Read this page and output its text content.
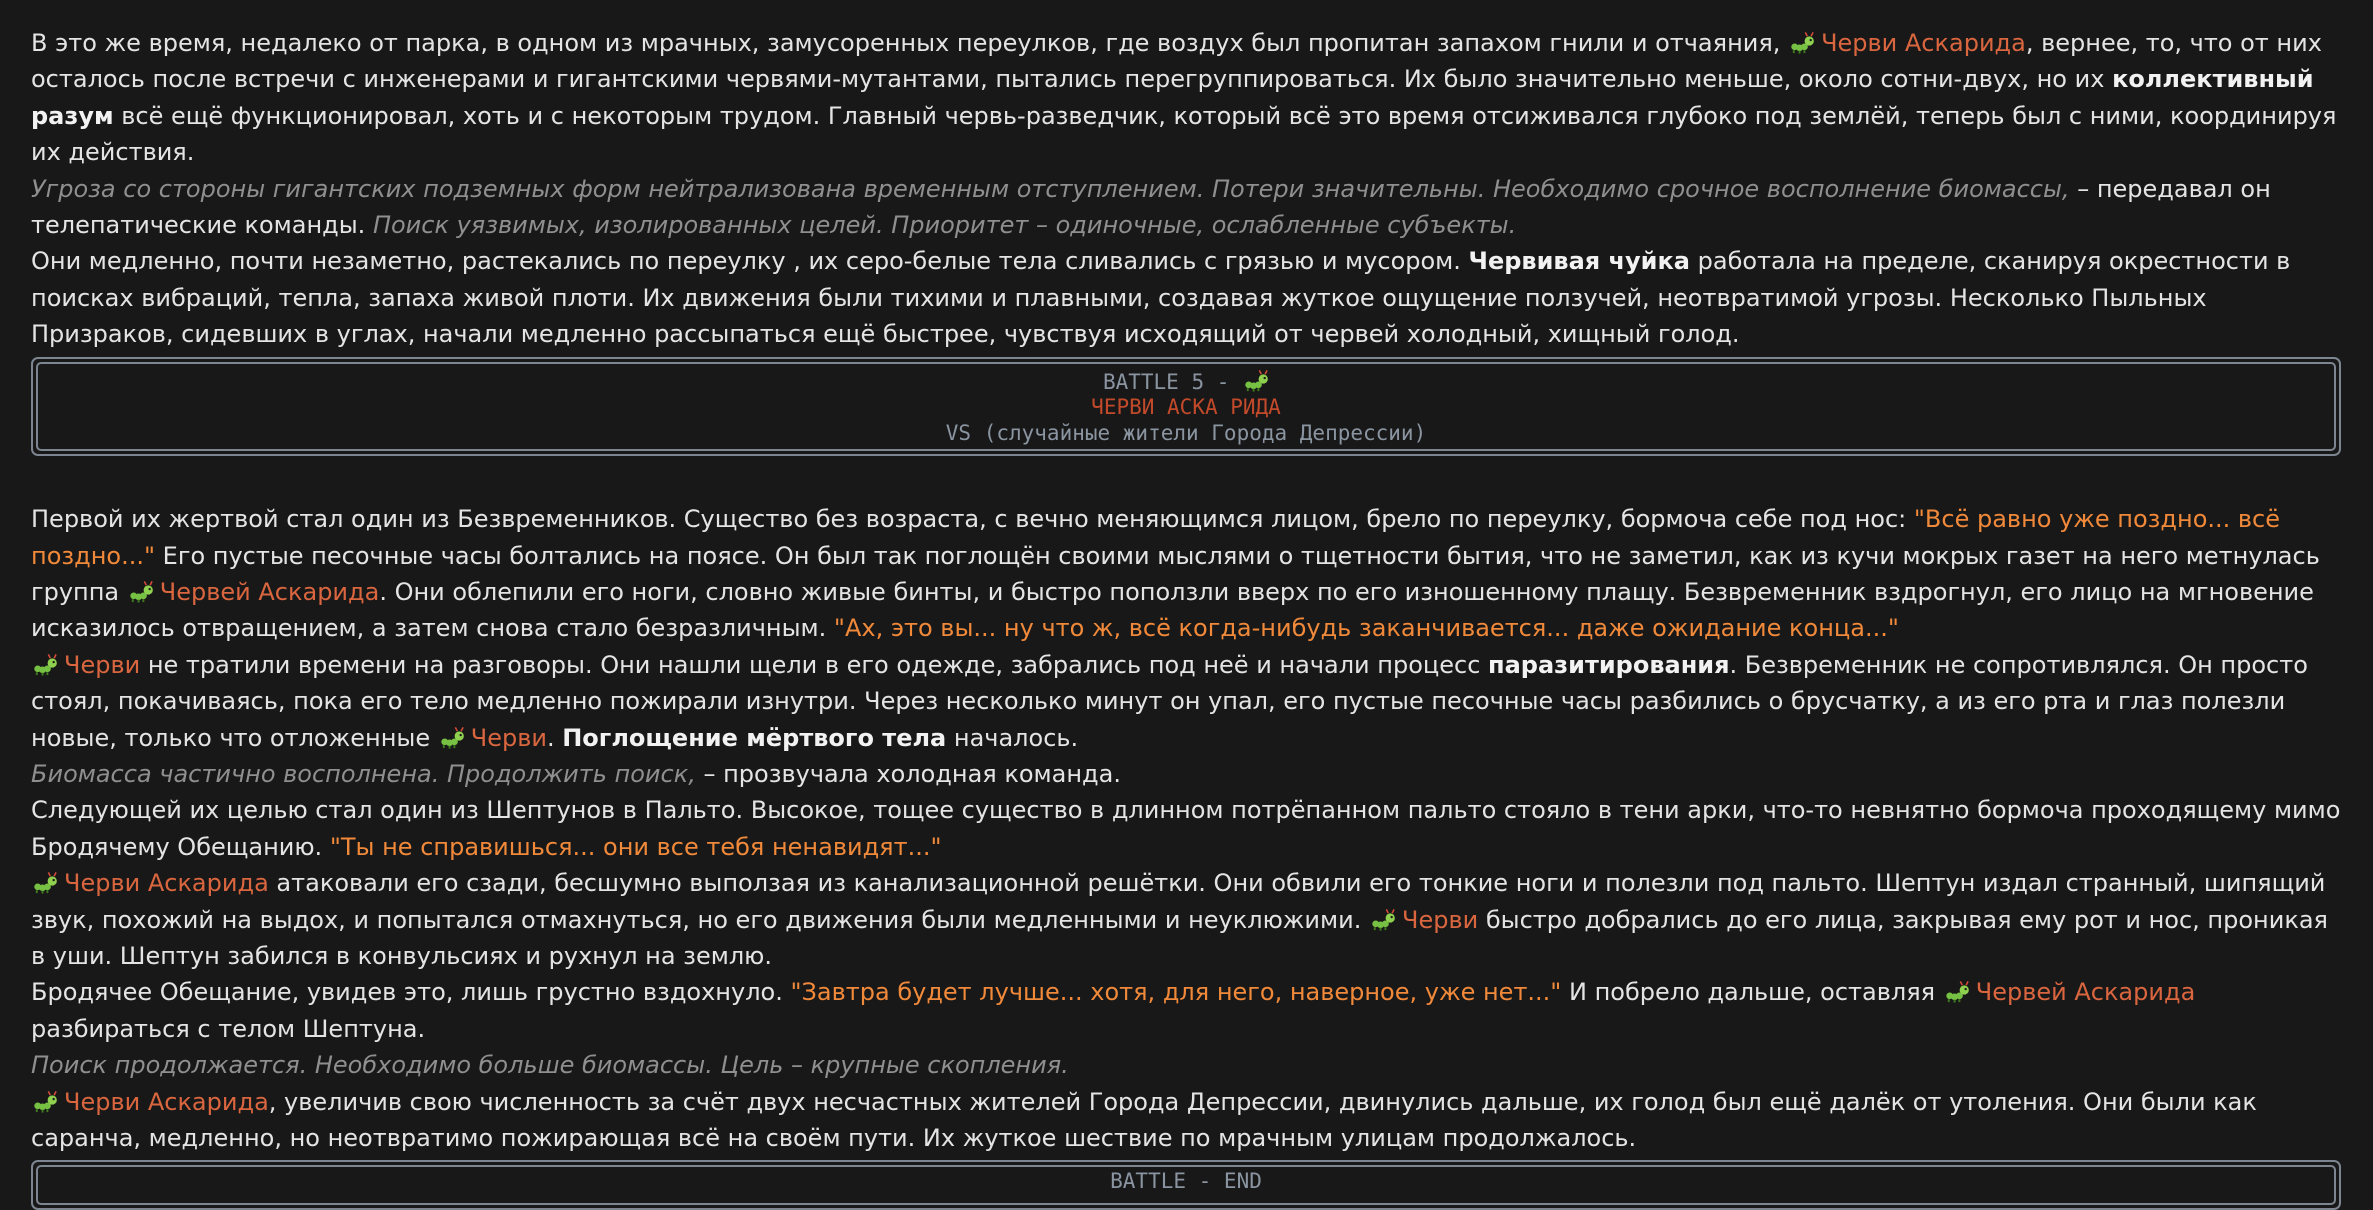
В это же время, недалеко от парка, в одном из мрачных, замусоренных переулков, где воздух был пропитан запахом гнили и отчаяния, Черви Аскарида, вернее, то, что от них осталось после встречи с инженерами и гигантскими червями-мутантами, пытались перегруппироваться. Их было значительно меньше, около сотни-двух, но их коллективный разум всё ещё функционировал, хоть и с некоторым трудом. Главный червь-разведчик, который всё это время отсиживался глубоко под землёй, теперь был с ними, координируя их действия.

Угроза со стороны гигантских подземных форм нейтрализована временным отступлением. Потери значительны. Необходимо срочное восполнение биомассы, – передавал он телепатические команды. Поиск уязвимых, изолированных целей. Приоритет – одиночные, ослабленные субъекты.

Они медленно, почти незаметно, растекались по переулку , их серо-белые тела сливались с грязью и мусором. Червивая чуйка работала на пределе, сканируя окрестности в поисках вибраций, тепла, запаха живой плоти. Их движения были тихими и плавными, создавая жуткое ощущение ползучей, неотвратимой угрозы. Несколько Пыльных Призраков, сидевших в углах, начали медленно рассыпаться ещё быстрее, чувствуя исходящий от червей холодный, хищный голод.

BATTLE 5 -
ЧЕРВИ АСКА РИДА
VS (случайные жители Города Депрессии)

Первой их жертвой стал один из Безвременников. Существо без возраста, с вечно меняющимся лицом, брело по переулку, бормоча себе под нос: "Всё равно уже поздно... всё поздно..." Его пустые песочные часы болтались на поясе. Он был так поглощён своими мыслями о тщетности бытия, что не заметил, как из кучи мокрых газет на него метнулась группа Червей Аскарида. Они облепили его ноги, словно живые бинты, и быстро поползли вверх по его изношенному плащу. Безвременник вздрогнул, его лицо на мгновение исказилось отвращением, а затем снова стало безразличным. "Ах, это вы... ну что ж, всё когда-нибудь заканчивается... даже ожидание конца..."

Черви не тратили времени на разговоры. Они нашли щели в его одежде, забрались под неё и начали процесс паразитирования. Безвременник не сопротивлялся. Он просто стоял, покачиваясь, пока его тело медленно пожирали изнутри. Через несколько минут он упал, его пустые песочные часы разбились о брусчатку, а из его рта и глаз полезли новые, только что отложенные Черви. Поглощение мёртвого тела началось.

Биомасса частично восполнена. Продолжить поиск, – прозвучала холодная команда.

Следующей их целью стал один из Шептунов в Пальто. Высокое, тощее существо в длинном потрёпанном пальто стояло в тени арки, что-то невнятно бормоча проходящему мимо Бродячему Обещанию. "Ты не справишься... они все тебя ненавидят..."

Черви Аскарида атаковали его сзади, бесшумно выползая из канализационной решётки. Они обвили его тонкие ноги и полезли под пальто. Шептун издал странный, шипящий звук, похожий на выдох, и попытался отмахнуться, но его движения были медленными и неуклюжими. Черви быстро добрались до его лица, закрывая ему рот и нос, проникая в уши. Шептун забился в конвульсиях и рухнул на землю.

Бродячее Обещание, увидев это, лишь грустно вздохнуло. "Завтра будет лучше... хотя, для него, наверное, уже нет..." И побрело дальше, оставляя Червей Аскарида разбираться с телом Шептуна.

Поиск продолжается. Необходимо больше биомассы. Цель – крупные скопления.

Черви Аскарида, увеличив свою численность за счёт двух несчастных жителей Города Депрессии, двинулись дальше, их голод был ещё далёк от утоления. Они были как саранча, медленно, но неотвратимо пожирающая всё на своём пути. Их жуткое шествие по мрачным улицам продолжалось.

BATTLE - END
